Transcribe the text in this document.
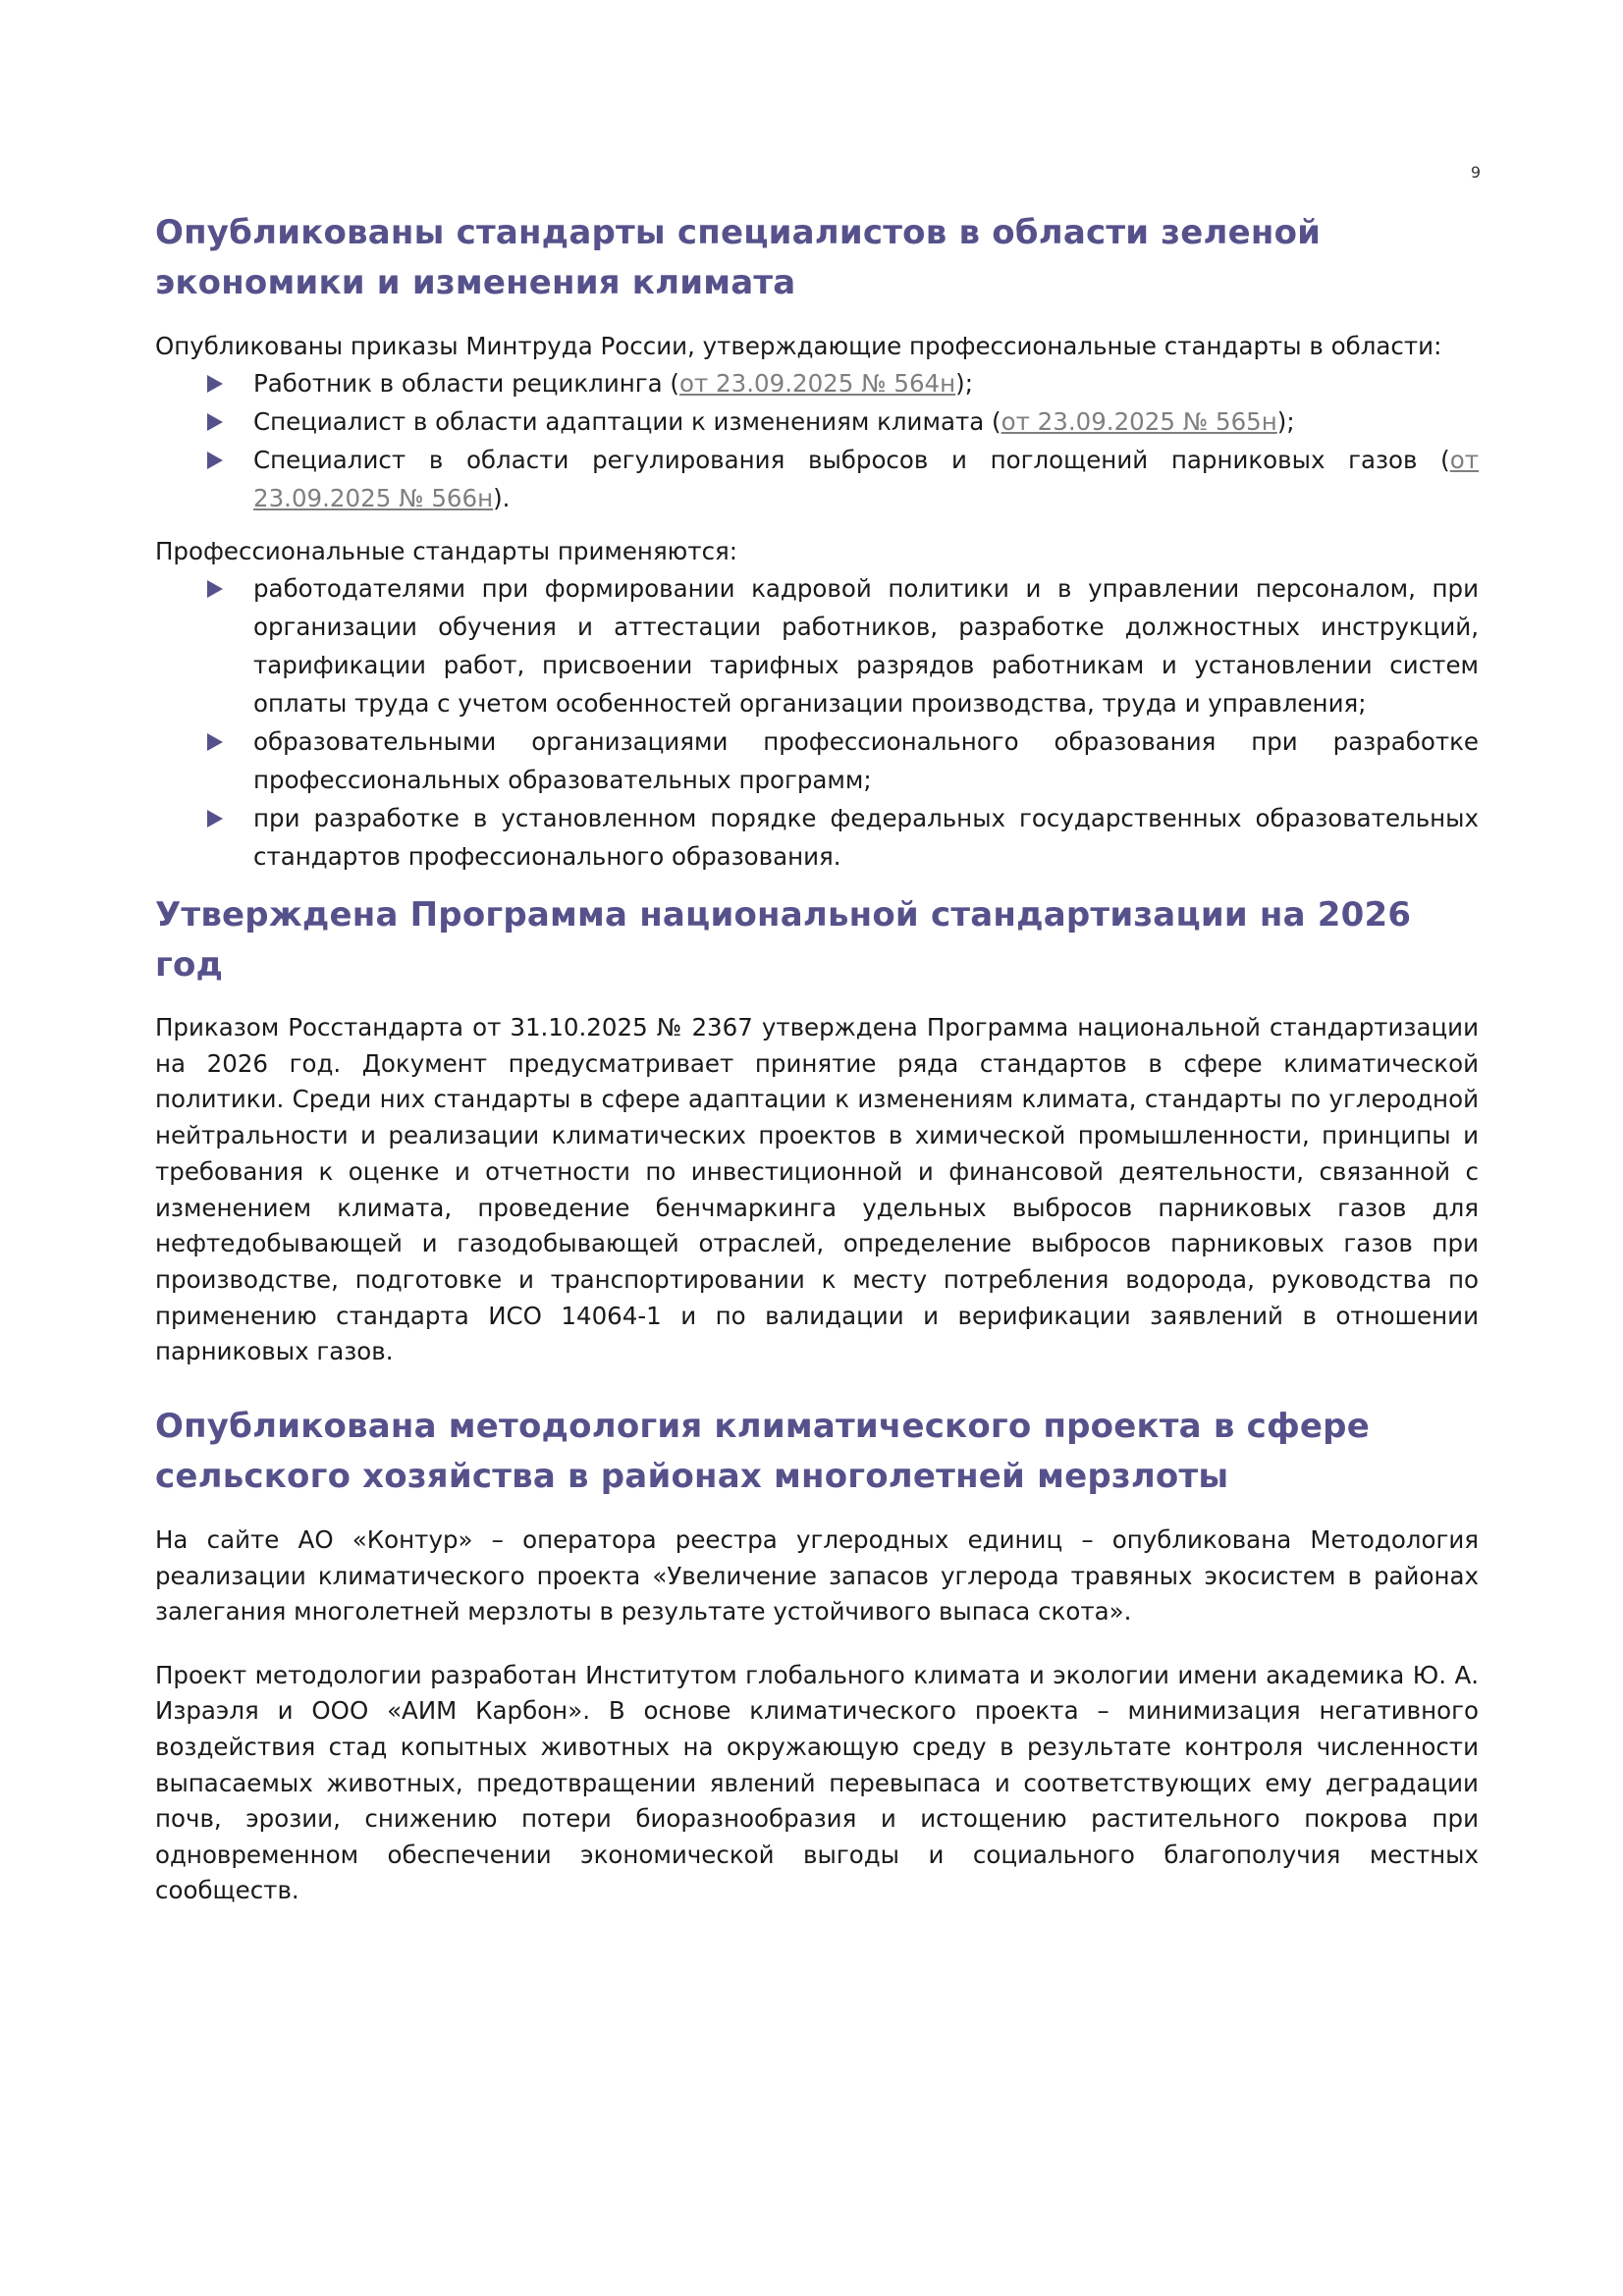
9
Опубликованы стандарты специалистов в области зеленой экономики и изменения климата

Опубликованы приказы Минтруда России, утверждающие профессиональные стандарты в области:

Работник в области рециклинга (от 23.09.2025 № 564н);
Специалист в области адаптации к изменениям климата (от 23.09.2025 № 565н);
Специалист в области регулирования выбросов и поглощений парниковых газов (от 23.09.2025 № 566н).

Профессиональные стандарты применяются:

работодателями при формировании кадровой политики и в управлении персоналом, при организации обучения и аттестации работников, разработке должностных инструкций, тарификации работ, присвоении тарифных разрядов работникам и установлении систем оплаты труда с учетом особенностей организации производства, труда и управления;
образовательными организациями профессионального образования при разработке профессиональных образовательных программ;
при разработке в установленном порядке федеральных государственных образовательных стандартов профессионального образования.
Утверждена Программа национальной стандартизации на 2026 год

Приказом Росстандарта от 31.10.2025 № 2367 утверждена Программа национальной стандартизации на 2026 год. Документ предусматривает принятие ряда стандартов в сфере климатической политики. Среди них стандарты в сфере адаптации к изменениям климата, стандарты по углеродной нейтральности и реализации климатических проектов в химической промышленности, принципы и требования к оценке и отчетности по инвестиционной и финансовой деятельности, связанной с изменением климата, проведение бенчмаркинга удельных выбросов парниковых газов для нефтедобывающей и газодобывающей отраслей, определение выбросов парниковых газов при производстве, подготовке и транспортировании к месту потребления водорода, руководства по применению стандарта ИСО 14064-1 и по валидации и верификации заявлений в отношении парниковых газов.

Опубликована методология климатического проекта в сфере сельского хозяйства в районах многолетней мерзлоты

На сайте АО «Контур» – оператора реестра углеродных единиц – опубликована Методология реализации климатического проекта «Увеличение запасов углерода травяных экосистем в районах залегания многолетней мерзлоты в результате устойчивого выпаса скота».

Проект методологии разработан Институтом глобального климата и экологии имени академика Ю. А. Израэля и ООО «АИМ Карбон». В основе климатического проекта – минимизация негативного воздействия стад копытных животных на окружающую среду в результате контроля численности выпасаемых животных, предотвращении явлений перевыпаса и соответствующих ему деградации почв, эрозии, снижению потери биоразнообразия и истощению растительного покрова при одновременном обеспечении экономической выгоды и социального благополучия местных сообществ.
